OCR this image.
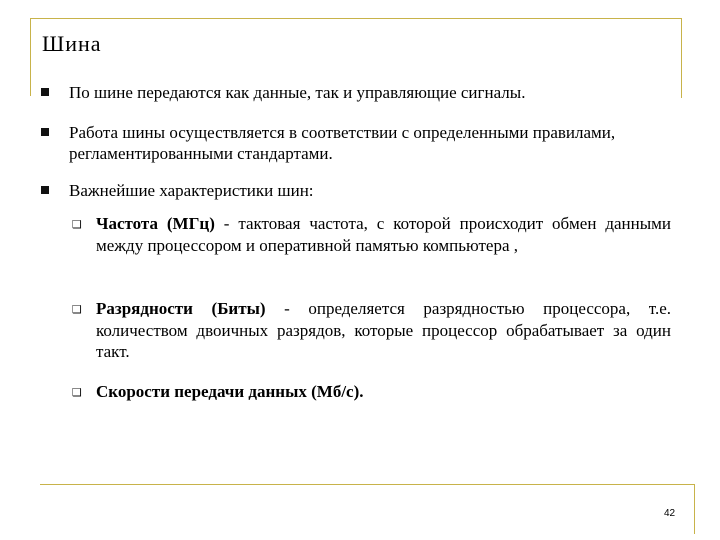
Шина
По шине передаются как данные, так и управляющие сигналы.
Работа шины осуществляется в соответствии с определенными правилами, регламентированными стандартами.
Важнейшие характеристики шин:
❑ Частота (МГц) - тактовая частота, с которой происходит обмен данными между процессором и оперативной памятью компьютера ,
❑ Разрядности (Биты) - определяется разрядностью процессора, т.е. количеством двоичных разрядов, которые процессор обрабатывает за один такт.
❑ Скорости передачи данных (Мб/с).
42
